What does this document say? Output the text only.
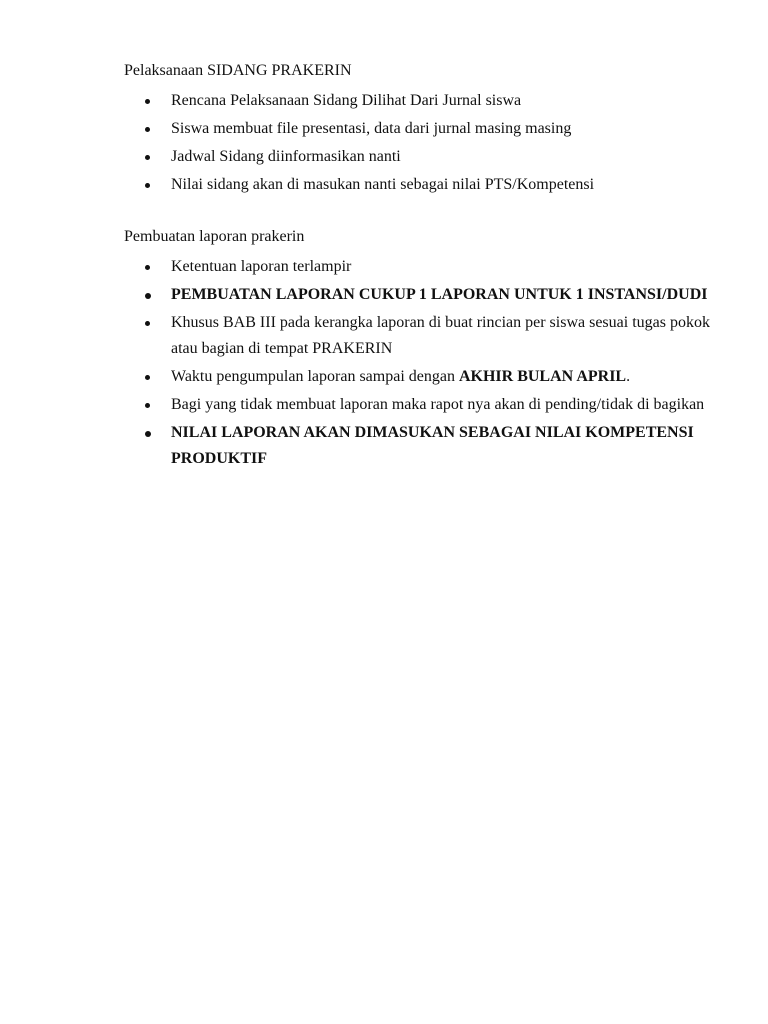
Pelaksanaan SIDANG PRAKERIN
Rencana Pelaksanaan Sidang Dilihat Dari Jurnal siswa
Siswa membuat file presentasi, data dari jurnal masing masing
Jadwal Sidang diinformasikan nanti
Nilai sidang akan di masukan nanti sebagai nilai PTS/Kompetensi
Pembuatan laporan prakerin
Ketentuan laporan terlampir
PEMBUATAN LAPORAN CUKUP 1 LAPORAN UNTUK 1 INSTANSI/DUDI
Khusus BAB III pada kerangka laporan di buat rincian per siswa sesuai tugas pokok atau bagian di tempat PRAKERIN
Waktu pengumpulan laporan sampai dengan AKHIR BULAN APRIL.
Bagi yang tidak membuat laporan maka rapot nya akan di pending/tidak di bagikan
NILAI LAPORAN AKAN DIMASUKAN SEBAGAI NILAI KOMPETENSI PRODUKTIF
